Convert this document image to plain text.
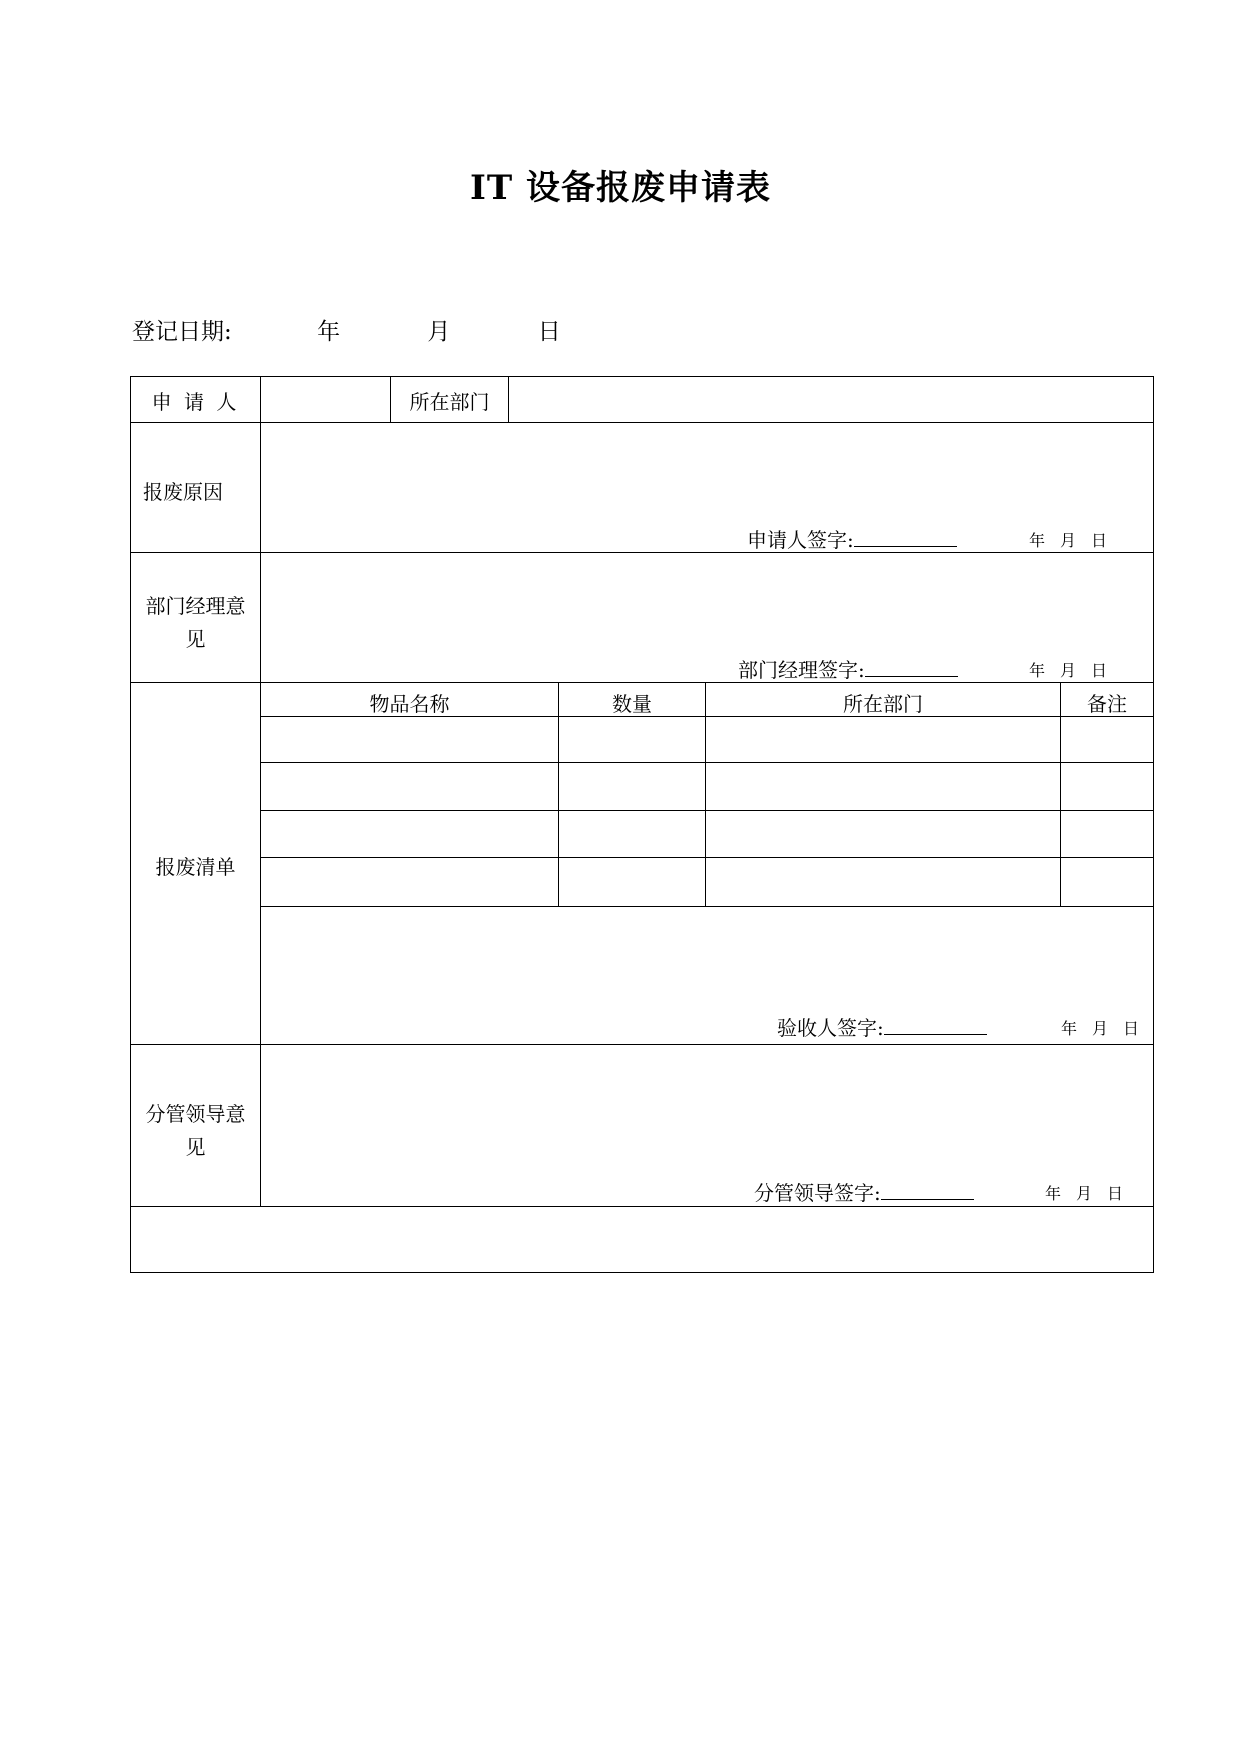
IT 设备报废申请表
登记日期:	年	月	日
申 请 人	所在部门
报废原因
申请人签字:	年 月 日
部门经理意
见
部门经理签字:	年 月 日
报废清单
物品名称	数量	所在部门	备注
验收人签字:	年 月 日
分管领导意
见
分管领导签字:	年 月 日
